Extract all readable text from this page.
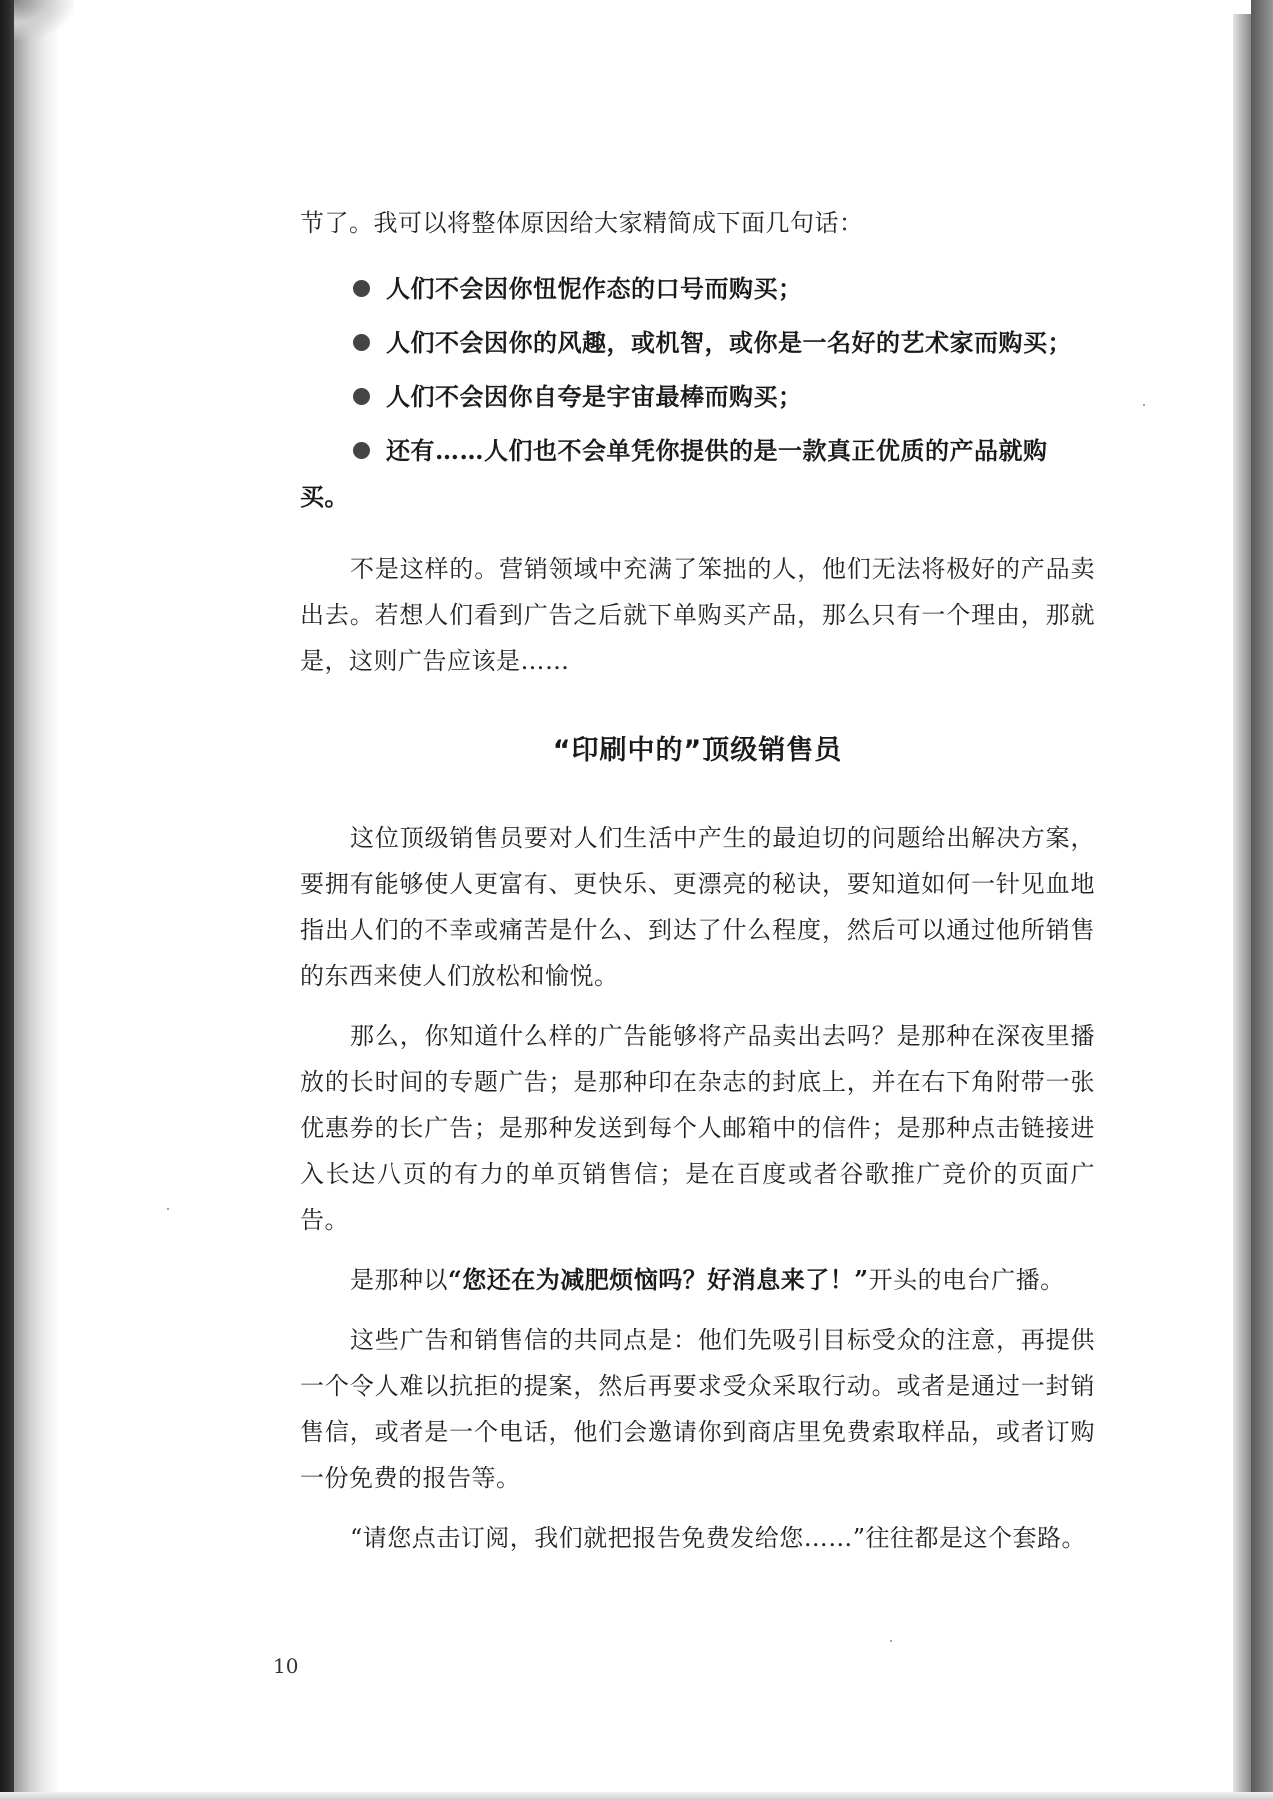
节了。我可以将整体原因给大家精简成下面几句话：

人们不会因你忸怩作态的口号而购买；
人们不会因你的风趣，或机智，或你是一名好的艺术家而购买；
人们不会因你自夸是宇宙最棒而购买；
还有……人们也不会单凭你提供的是一款真正优质的产品就购买。

不是这样的。营销领域中充满了笨拙的人，他们无法将极好的产品卖出去。若想人们看到广告之后就下单购买产品，那么只有一个理由，那就是，这则广告应该是……

“印刷中的”顶级销售员

这位顶级销售员要对人们生活中产生的最迫切的问题给出解决方案，要拥有能够使人更富有、更快乐、更漂亮的秘诀，要知道如何一针见血地指出人们的不幸或痛苦是什么、到达了什么程度，然后可以通过他所销售的东西来使人们放松和愉悦。

那么，你知道什么样的广告能够将产品卖出去吗？是那种在深夜里播放的长时间的专题广告；是那种印在杂志的封底上，并在右下角附带一张优惠券的长广告；是那种发送到每个人邮箱中的信件；是那种点击链接进入长达八页的有力的单页销售信；是在百度或者谷歌推广竞价的页面广告。

是那种以“您还在为减肥烦恼吗？好消息来了！”开头的电台广播。

这些广告和销售信的共同点是：他们先吸引目标受众的注意，再提供一个令人难以抗拒的提案，然后再要求受众采取行动。或者是通过一封销售信，或者是一个电话，他们会邀请你到商店里免费索取样品，或者订购一份免费的报告等。

“请您点击订阅，我们就把报告免费发给您……”往往都是这个套路。

10
